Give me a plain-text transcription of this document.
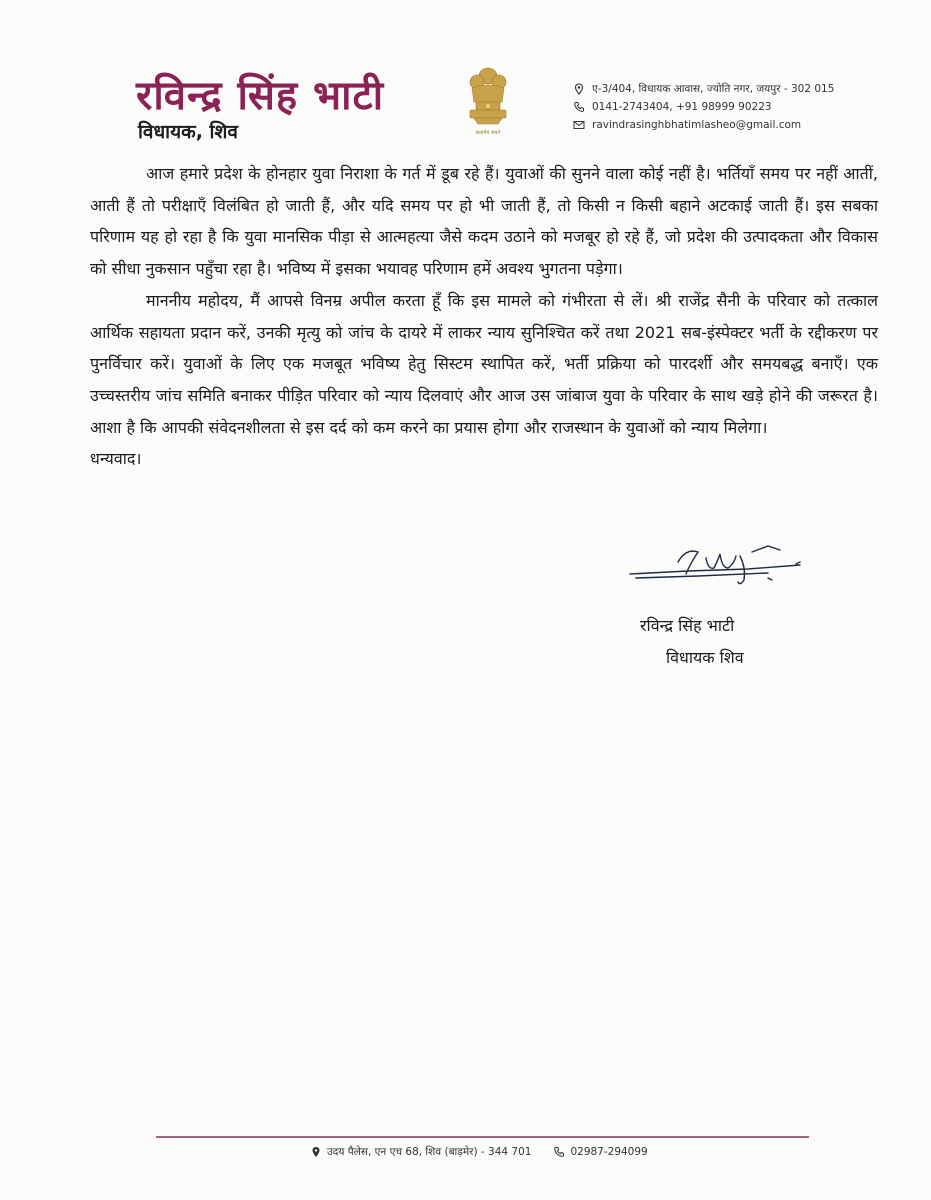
रविन्द्र सिंह भाटी
विधायक, शिव	सत्यमेव जयते
ए-3/404, विधायक आवास, ज्योति नगर, जयपुर - 302 015
0141-2743404, +91 98999 90223
ravindrasinghbhatimlasheo@gmail.com

आज हमारे प्रदेश के होनहार युवा निराशा के गर्त में डूब रहे हैं। युवाओं की सुनने वाला कोई नहीं है। भर्तियाँ समय पर नहीं आतीं, आती हैं तो परीक्षाएँ विलंबित हो जाती हैं, और यदि समय पर हो भी जाती हैं, तो किसी न किसी बहाने अटकाई जाती हैं। इस सबका परिणाम यह हो रहा है कि युवा मानसिक पीड़ा से आत्महत्या जैसे कदम उठाने को मजबूर हो रहे हैं, जो प्रदेश की उत्पादकता और विकास को सीधा नुकसान पहुँचा रहा है। भविष्य में इसका भयावह परिणाम हमें अवश्य भुगतना पड़ेगा।

माननीय महोदय, मैं आपसे विनम्र अपील करता हूँ कि इस मामले को गंभीरता से लें। श्री राजेंद्र सैनी के परिवार को तत्काल आर्थिक सहायता प्रदान करें, उनकी मृत्यु को जांच के दायरे में लाकर न्याय सुनिश्चित करें तथा 2021 सब-इंस्पेक्टर भर्ती के रद्दीकरण पर पुनर्विचार करें। युवाओं के लिए एक मजबूत भविष्य हेतु सिस्टम स्थापित करें, भर्ती प्रक्रिया को पारदर्शी और समयबद्ध बनाएँ। एक उच्चस्तरीय जांच समिति बनाकर पीड़ित परिवार को न्याय दिलवाएं और आज उस जांबाज युवा के परिवार के साथ खड़े होने की जरूरत है। आशा है कि आपकी संवेदनशीलता से इस दर्द को कम करने का प्रयास होगा और राजस्थान के युवाओं को न्याय मिलेगा।

धन्यवाद।

रविन्द्र सिंह भाटी
विधायक शिव
उदय पैलेस, एन एच 68, शिव (बाड़मेर) - 344 701	02987-294099
